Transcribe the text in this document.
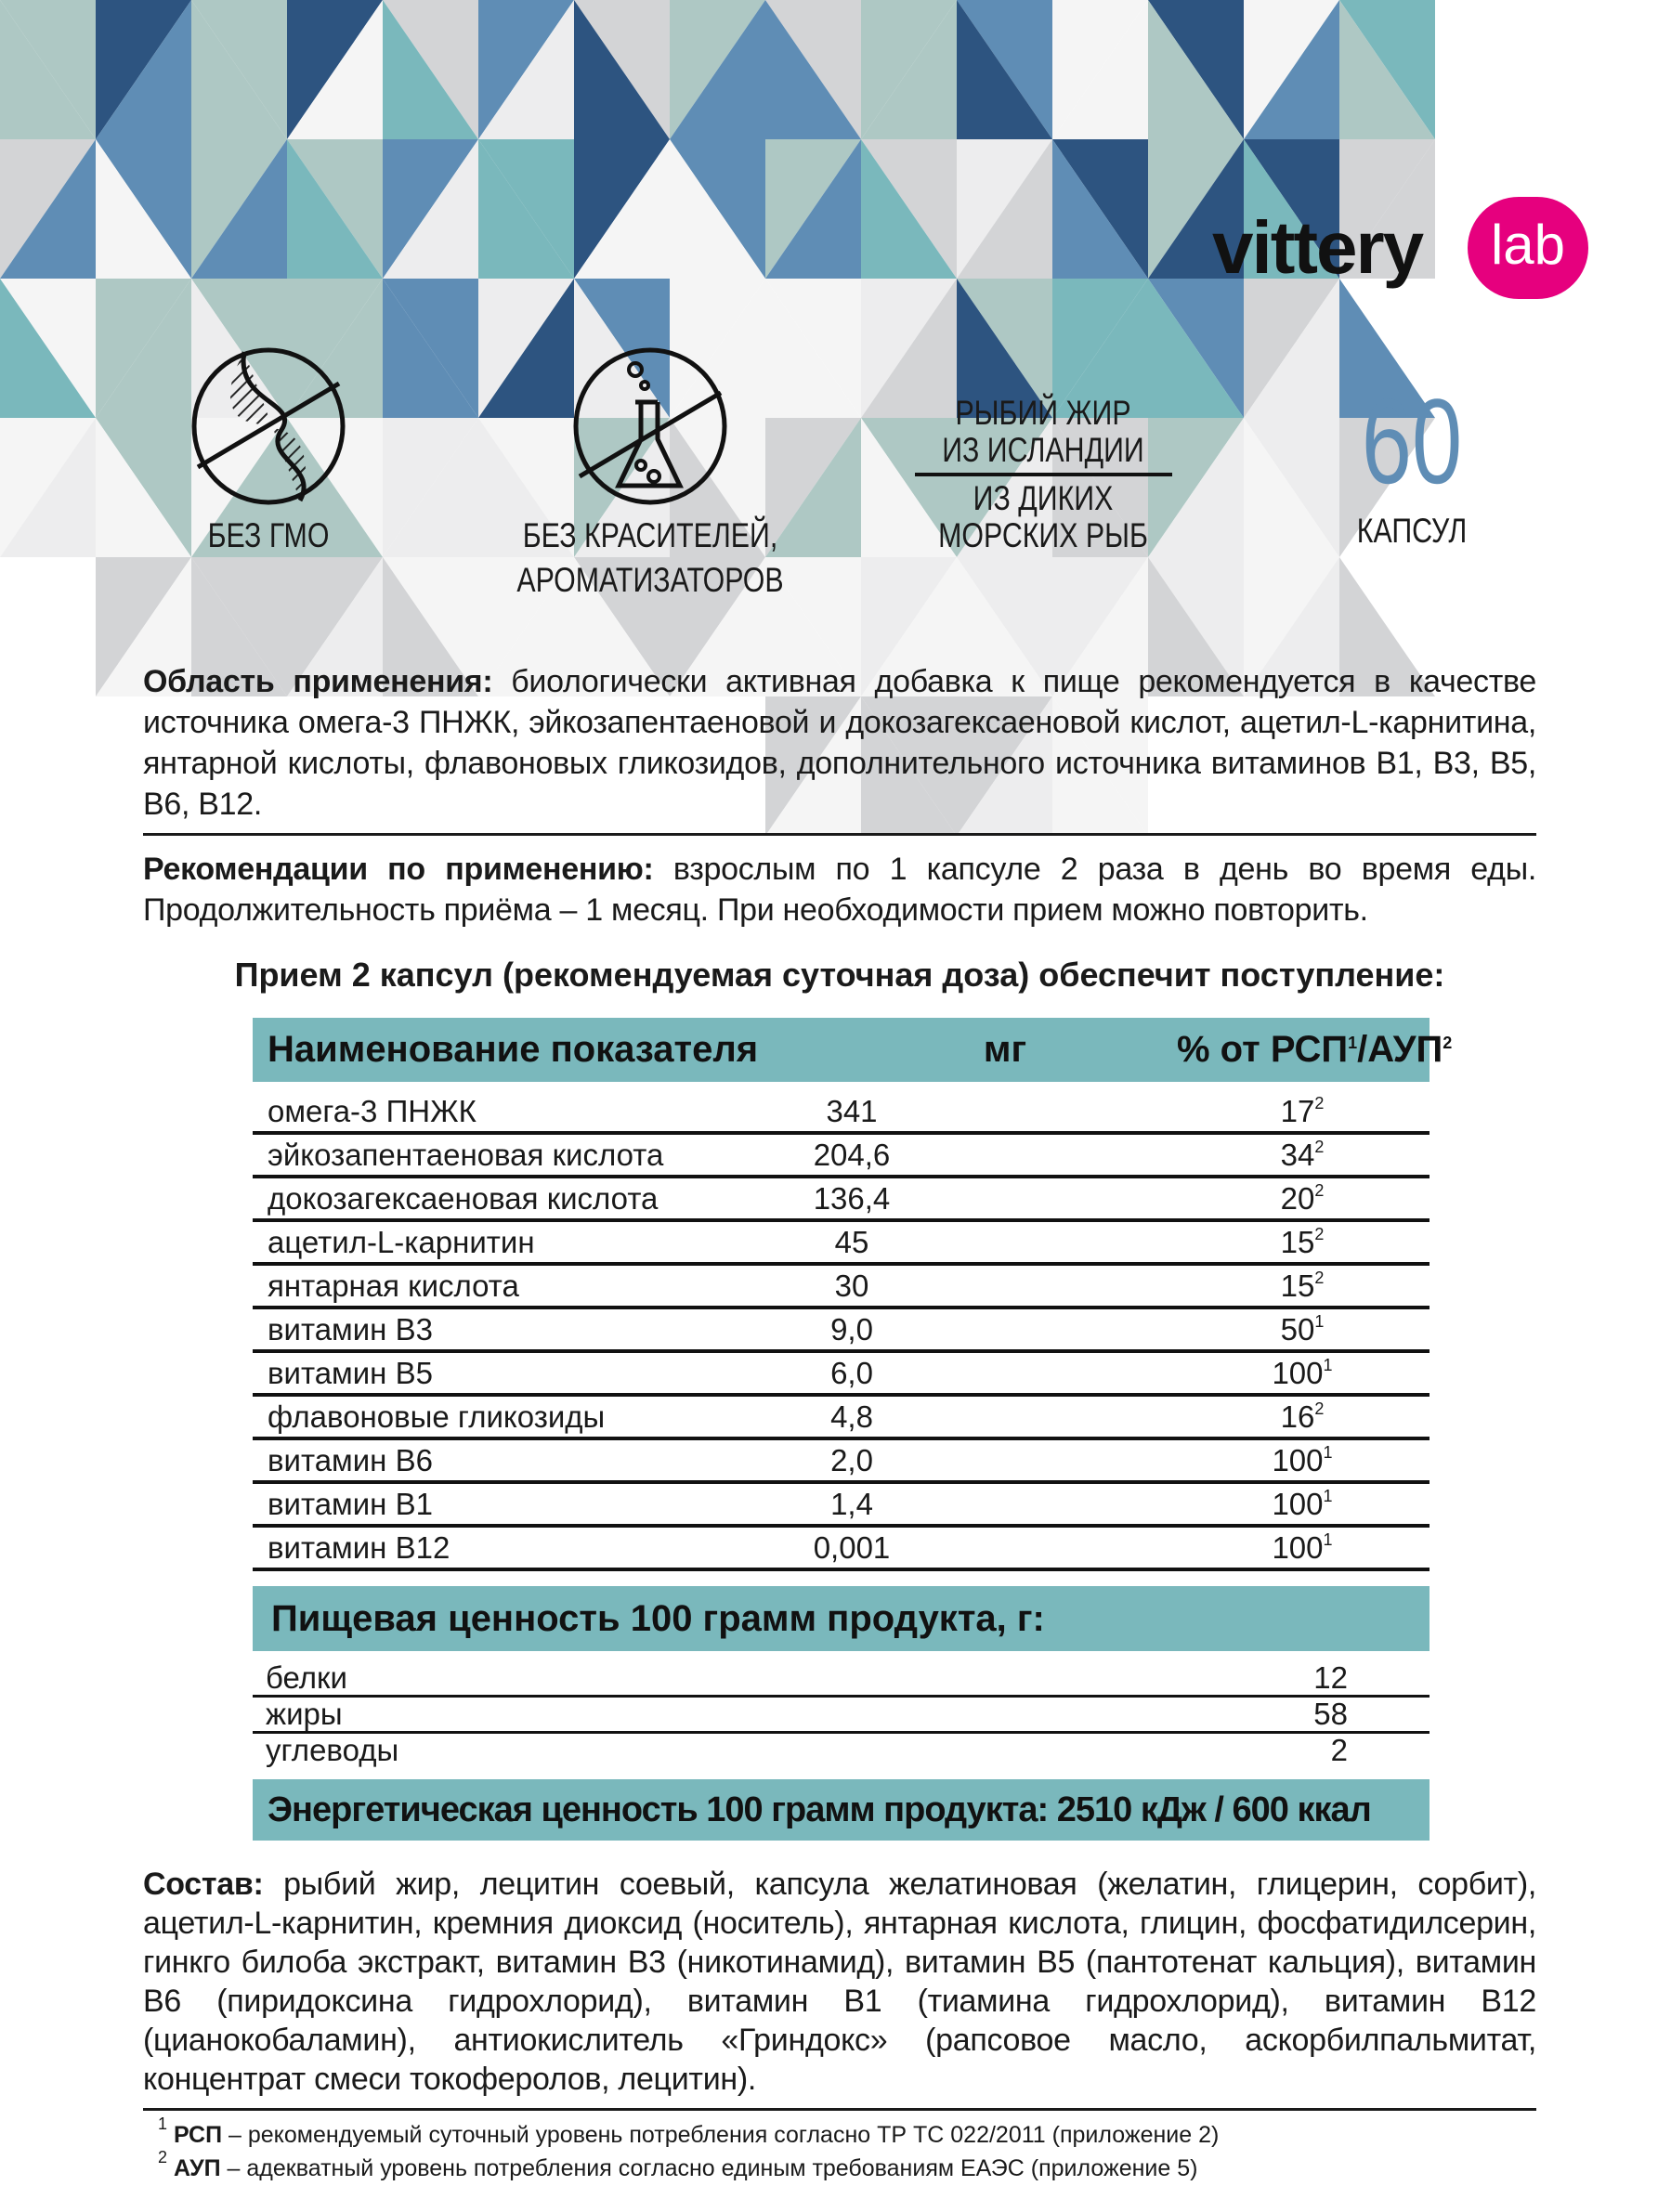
vittery	lab
БЕЗ ГМО	БЕЗ КРАСИТЕЛЕЙ,
АРОМАТИЗАТОРОВ
РЫБИЙ ЖИР
ИЗ ИСЛАНДИИ
ИЗ ДИКИХ
МОРСКИХ РЫБ
60
КАПСУЛ
Область применения: биологически активная добавка к пище рекомендуется в качестве источника омега-3 ПНЖК, эйкозапентаеновой и докозагексаеновой кислот, ацетил-L-карнитина, янтарной кислоты, флавоновых гликозидов, дополнительного источника витаминов B1, B3, B5, B6, B12.
Рекомендации по применению: взрослым по 1 капсуле 2 раза в день во время еды. Продолжительность приёма – 1 месяц. При необходимости прием можно повторить.
Прием 2 капсул (рекомендуемая суточная доза) обеспечит поступление:
Наименование показателя	мг	% от РСП$^1$/АУП$^2$
омега-3 ПНЖК	341	$17^2$
эйкозапентаеновая кислота	204,6	$34^2$
докозагексаеновая кислота	136,4	$20^2$
ацетил-L-карнитин	45	$15^2$
янтарная кислота	30	$15^2$
витамин B3	9,0	$50^1$
витамин B5	6,0	$100^1$
флавоновые гликозиды	4,8	$16^2$
витамин B6	2,0	$100^1$
витамин B1	1,4	$100^1$
витамин B12	0,001	$100^1$
Пищевая ценность 100 грамм продукта, г:
белки	12
жиры	58
углеводы	2
Энергетическая ценность 100 грамм продукта: 2510 кДж / 600 ккал
Состав: рыбий жир, лецитин соевый, капсула желатиновая (желатин, глицерин, сорбит), ацетил-L-карнитин, кремния диоксид (носитель), янтарная кислота, глицин, фосфатидилсерин, гинкго билоба экстракт, витамин B3 (никотинамид), витамин B5 (пантотенат кальция), витамин B6 (пиридоксина гидрохлорид), витамин B1 (тиамина гидрохлорид), витамин B12 (цианокобаламин), антиокислитель «Гриндокс» (рапсовое масло, аскорбилпальмитат, концентрат смеси токоферолов, лецитин).
$^1$ РСП – рекомендуемый суточный уровень потребления согласно ТР ТС 022/2011 (приложение 2)
$^2$ АУП – адекватный уровень потребления согласно единым требованиям ЕАЭС (приложение 5)
